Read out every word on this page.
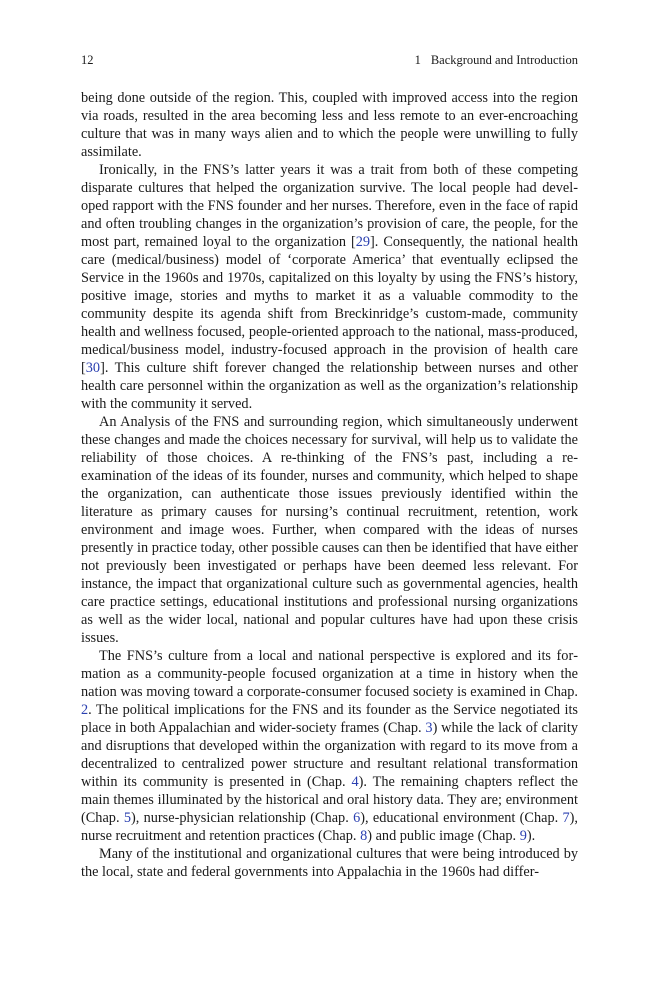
12	1 Background and Introduction

being done outside of the region. This, coupled with improved access into the region via roads, resulted in the area becoming less and less remote to an ever-encroaching culture that was in many ways alien and to which the people were unwilling to fully assimilate.

Ironically, in the FNS’s latter years it was a trait from both of these competing disparate cultures that helped the organization survive. The local people had developed rapport with the FNS founder and her nurses. Therefore, even in the face of rapid and often troubling changes in the organization’s provision of care, the people, for the most part, remained loyal to the organization [29]. Consequently, the national health care (medical/business) model of ‘corporate America’ that eventually eclipsed the Service in the 1960s and 1970s, capitalized on this loyalty by using the FNS’s history, positive image, stories and myths to market it as a valuable commodity to the community despite its agenda shift from Breckinridge’s custom-made, community health and wellness focused, people-oriented approach to the national, mass-produced, medical/business model, industry-focused approach in the provision of health care [30]. This culture shift forever changed the relationship between nurses and other health care personnel within the organization as well as the organization’s relationship with the community it served.

An Analysis of the FNS and surrounding region, which simultaneously underwent these changes and made the choices necessary for survival, will help us to validate the reliability of those choices. A re-thinking of the FNS’s past, including a re-examination of the ideas of its founder, nurses and community, which helped to shape the organization, can authenticate those issues previously identified within the literature as primary causes for nursing’s continual recruitment, retention, work environment and image woes. Further, when compared with the ideas of nurses presently in practice today, other possible causes can then be identified that have either not previously been investigated or perhaps have been deemed less relevant. For instance, the impact that organizational culture such as governmental agencies, health care practice settings, educational institutions and professional nursing organizations as well as the wider local, national and popular cultures have had upon these crisis issues.

The FNS’s culture from a local and national perspective is explored and its formation as a community-people focused organization at a time in history when the nation was moving toward a corporate-consumer focused society is examined in Chap. 2. The political implications for the FNS and its founder as the Service negotiated its place in both Appalachian and wider-society frames (Chap. 3) while the lack of clarity and disruptions that developed within the organization with regard to its move from a decentralized to centralized power structure and resultant relational transformation within its community is presented in (Chap. 4). The remaining chapters reflect the main themes illuminated by the historical and oral history data. They are; environment (Chap. 5), nurse-physician relationship (Chap. 6), educational environment (Chap. 7), nurse recruitment and retention practices (Chap. 8) and public image (Chap. 9).

Many of the institutional and organizational cultures that were being introduced by the local, state and federal governments into Appalachia in the 1960s had differ-
